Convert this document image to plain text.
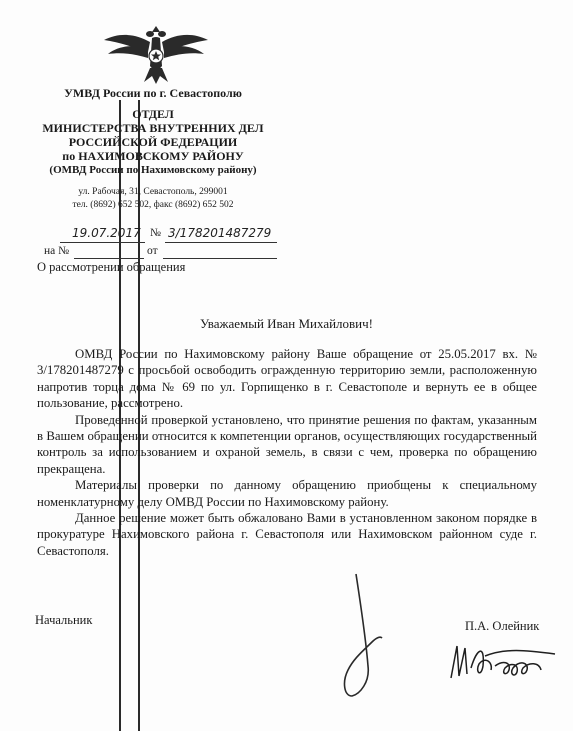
УМВД России по г. Севастополю
ОТДЕЛ
МИНИСТЕРСТВА ВНУТРЕННИХ ДЕЛ
РОССИЙСКОЙ ФЕДЕРАЦИИ
по НАХИМОВСКОМУ РАЙОНУ
(ОМВД России по Нахимовскому району)
ул. Рабочая, 31, Севастополь, 299001
тел. (8692) 652 502, факс (8692) 652 502
19.07.2017 № 3/178201487279
на №	от
О рассмотрении обращения
Уважаемый Иван Михайлович!

ОМВД России по Нахимовскому району Ваше обращение от 25.05.2017 вх. № 3/178201487279 с просьбой освободить огражденную территорию земли, расположенную напротив торца дома № 69 по ул. Горпищенко в г. Севастополе и вернуть ее в общее пользование, рассмотрено.

Проведенной проверкой установлено, что принятие решения по фактам, указанным в Вашем обращении относится к компетенции органов, осуществляющих государственный контроль за использованием и охраной земель, в связи с чем, проверка по обращению прекращена.

Материалы проверки по данному обращению приобщены к специальному номенклатурному делу ОМВД России по Нахимовскому району.

Данное решение может быть обжаловано Вами в установленном законом порядке в прокуратуре Нахимовского района г. Севастополя или Нахимовском районном суде г. Севастополя.

Начальник	П.А. Олейник
